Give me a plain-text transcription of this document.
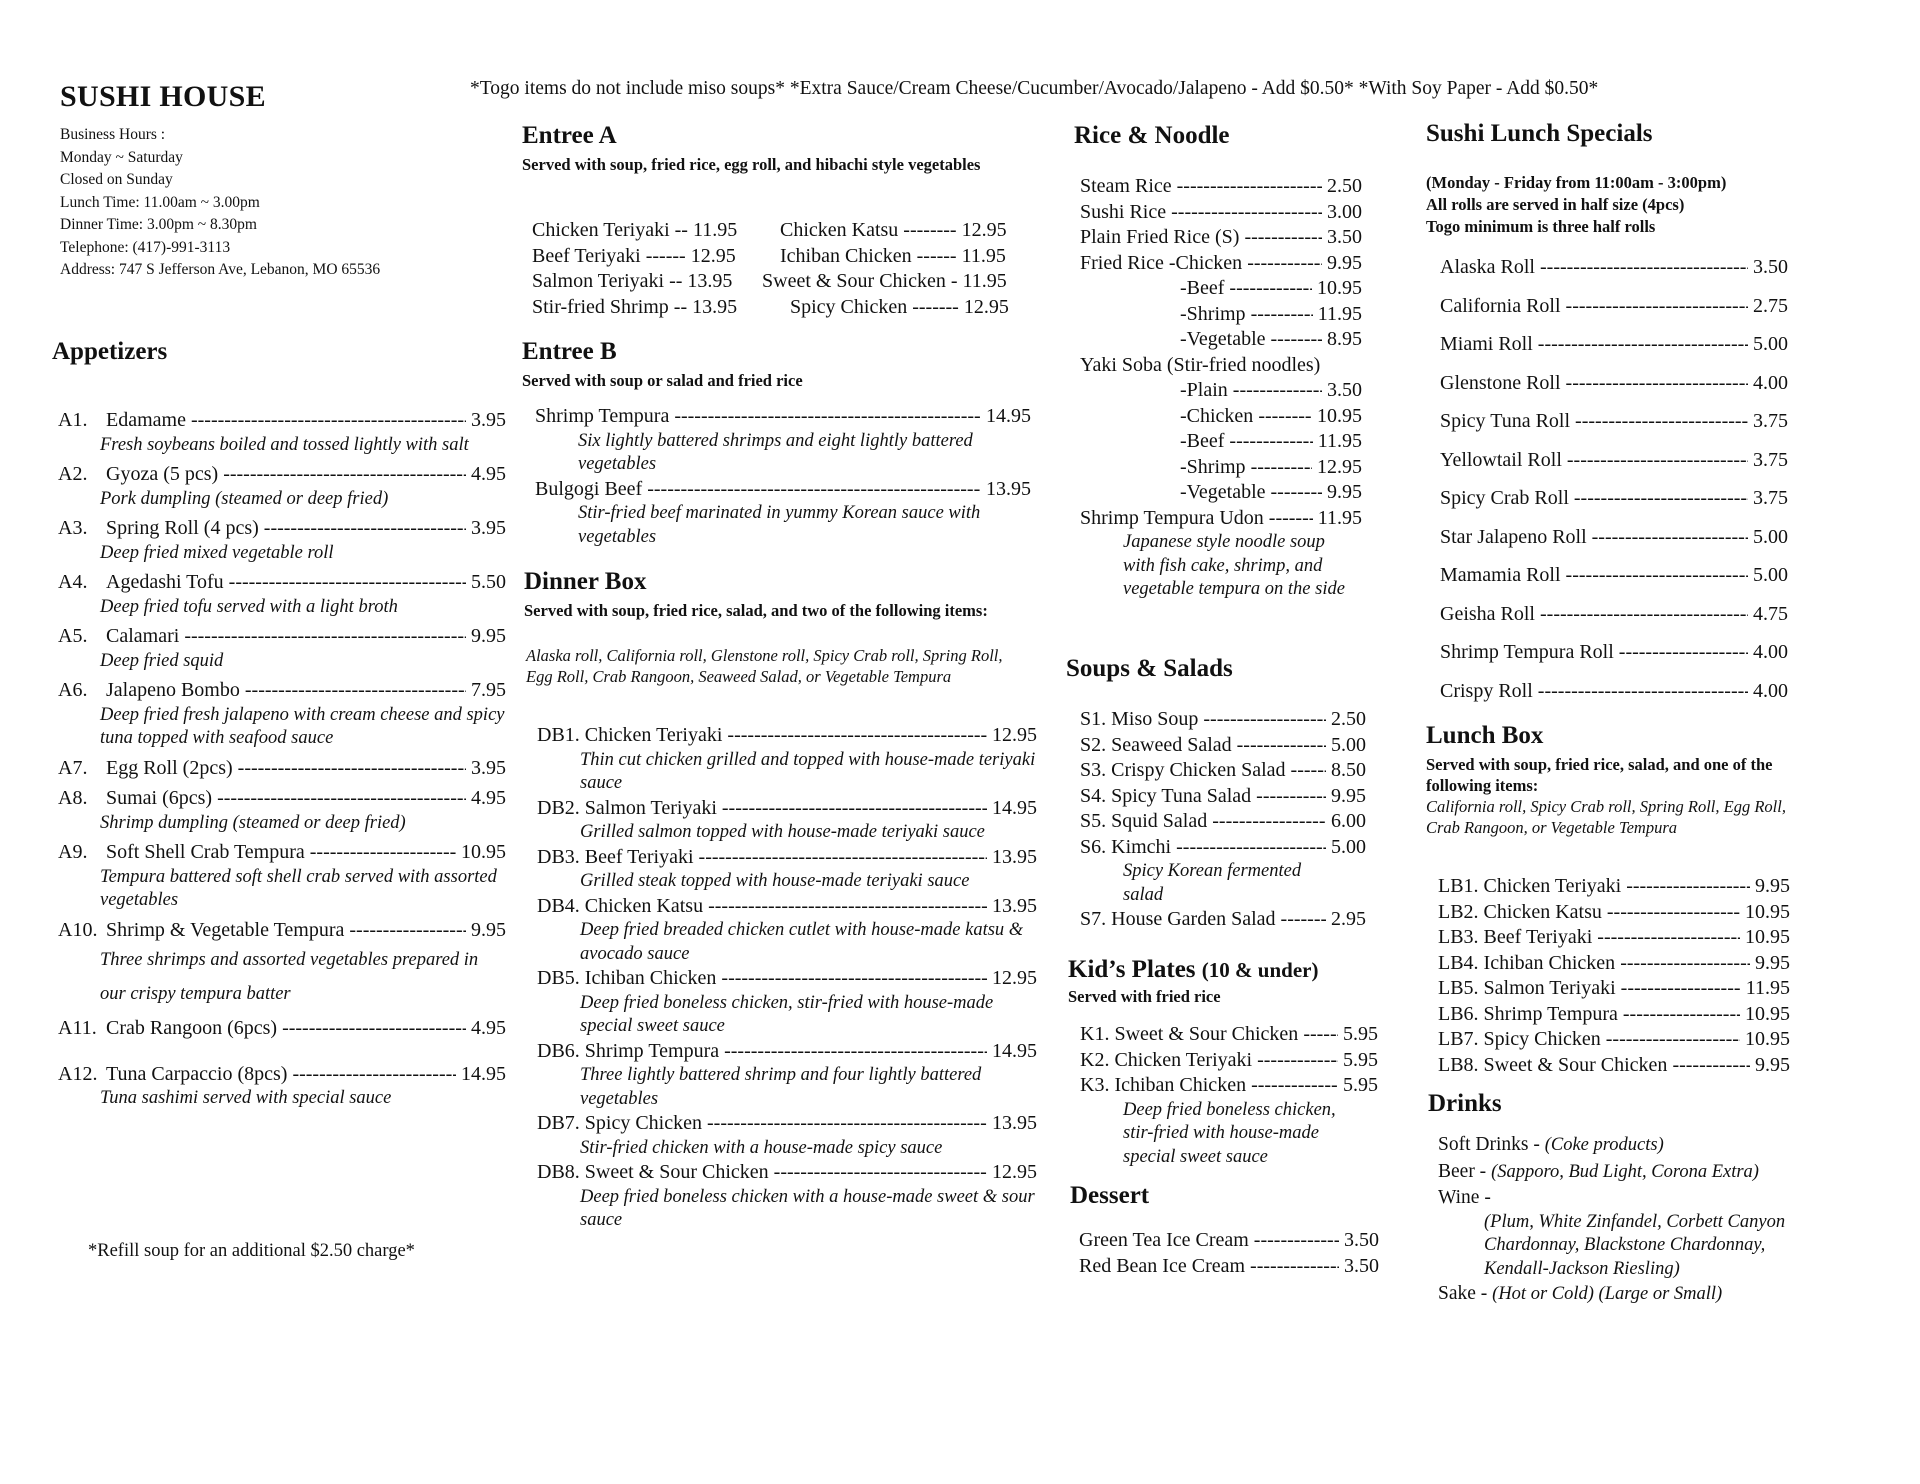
SUSHI HOUSE	*Togo items do not include miso soups* *Extra Sauce/Cream Cheese/Cucumber/Avocado/Jalapeno - Add $0.50* *With Soy Paper - Add $0.50*
Business Hours :
Monday ~ Saturday
Closed on Sunday
Lunch Time: 11.00am ~ 3.00pm
Dinner Time: 3.00pm ~ 8.30pm
Telephone: (417)-991-3113
Address: 747 S Jefferson Ave, Lebanon, MO 65536
Appetizers
A1. Edamame -----	3.95
Fresh soybeans boiled and tossed lightly with salt
A2. Gyoza (5 pcs) -----	4.95
Pork dumpling (steamed or deep fried)
A3. Spring Roll (4 pcs) -----	3.95
Deep fried mixed vegetable roll
A4. Agedashi Tofu -----	5.50
Deep fried tofu served with a light broth
A5. Calamari -----	9.95
Deep fried squid
A6. Jalapeno Bombo -----	7.95
Deep fried fresh jalapeno with cream cheese and spicy tuna topped with seafood sauce
A7. Egg Roll (2pcs) -----	3.95
A8. Sumai (6pcs) -----	4.95
Shrimp dumpling (steamed or deep fried)
A9. Soft Shell Crab Tempura -----	10.95
Tempura battered soft shell crab served with assorted vegetables
A10. Shrimp & Vegetable Tempura -----	9.95
Three shrimps and assorted vegetables prepared in our crispy tempura batter
A11. Crab Rangoon (6pcs) -----	4.95
A12. Tuna Carpaccio (8pcs) -----	14.95
Tuna sashimi served with special sauce
*Refill soup for an additional $2.50 charge*
Entree A
Served with soup, fried rice, egg roll, and hibachi style vegetables
Chicken Teriyaki -- 11.95 Chicken Katsu -------- 12.95
Beef Teriyaki ------ 12.95 Ichiban Chicken ------ 11.95
Salmon Teriyaki -- 13.95 Sweet & Sour Chicken - 11.95
Stir-fried Shrimp -- 13.95	Spicy Chicken ------- 12.95
Entree B
Served with soup or salad and fried rice
Shrimp Tempura -----	14.95
Six lightly battered shrimps and eight lightly battered vegetables
Bulgogi Beef -----	13.95
Stir-fried beef marinated in yummy Korean sauce with vegetables
Dinner Box
Served with soup, fried rice, salad, and two of the following items:
Alaska roll, California roll, Glenstone roll, Spicy Crab roll, Spring Roll, Egg Roll, Crab Rangoon, Seaweed Salad, or Vegetable Tempura
DB1. Chicken Teriyaki -----	12.95
Thin cut chicken grilled and topped with house-made teriyaki sauce
DB2. Salmon Teriyaki -----	14.95
Grilled salmon topped with house-made teriyaki sauce
DB3. Beef Teriyaki -----	13.95
Grilled steak topped with house-made teriyaki sauce
DB4. Chicken Katsu -----	13.95
Deep fried breaded chicken cutlet with house-made katsu & avocado sauce
DB5. Ichiban Chicken -----	12.95
Deep fried boneless chicken, stir-fried with house-made special sweet sauce
DB6. Shrimp Tempura -----	14.95
Three lightly battered shrimp and four lightly battered vegetables
DB7. Spicy Chicken -----	13.95
Stir-fried chicken with a house-made spicy sauce
DB8. Sweet & Sour Chicken -----	12.95
Deep fried boneless chicken with a house-made sweet & sour sauce
Rice & Noodle
Steam Rice -----	2.50
Sushi Rice -----	3.00
Plain Fried Rice (S) -----	3.50
Fried Rice -Chicken -----	9.95
-Beef -----	10.95
-Shrimp -----	11.95
-Vegetable -----	8.95
Yaki Soba (Stir-fried noodles)
-Plain -----	3.50
-Chicken -----	10.95
-Beef -----	11.95
-Shrimp -----	12.95
-Vegetable -----	9.95
Shrimp Tempura Udon -----	11.95
Japanese style noodle soup with fish cake, shrimp, and vegetable tempura on the side
Soups & Salads
S1. Miso Soup -----	2.50
S2. Seaweed Salad -----	5.00
S3. Crispy Chicken Salad ----- 8.50
S4. Spicy Tuna Salad -----	9.95
S5. Squid Salad -----	6.00
S6. Kimchi -----	5.00
Spicy Korean fermented salad
S7. House Garden Salad -----	2.95
Kid’s Plates (10 & under)
Served with fried rice
K1. Sweet & Sour Chicken ----- 5.95
K2. Chicken Teriyaki -----	5.95
K3. Ichiban Chicken -----	5.95
Deep fried boneless chicken, stir-fried with house-made special sweet sauce
Dessert
Green Tea Ice Cream -----	3.50
Red Bean Ice Cream -----	3.50
Sushi Lunch Specials
(Monday - Friday from 11:00am - 3:00pm)
All rolls are served in half size (4pcs)
Togo minimum is three half rolls
Alaska Roll -----	3.50
California Roll -----	2.75
Miami Roll -----	5.00
Glenstone Roll -----	4.00
Spicy Tuna Roll -----	3.75
Yellowtail Roll -----	3.75
Spicy Crab Roll -----	3.75
Star Jalapeno Roll -----	5.00
Mamamia Roll -----	5.00
Geisha Roll -----	4.75
Shrimp Tempura Roll -----	4.00
Crispy Roll -----	4.00
Lunch Box
Served with soup, fried rice, salad, and one of the following items:
California roll, Spicy Crab roll, Spring Roll, Egg Roll, Crab Rangoon, or Vegetable Tempura
LB1. Chicken Teriyaki -----	9.95
LB2. Chicken Katsu -----	10.95
LB3. Beef Teriyaki -----	10.95
LB4. Ichiban Chicken -----	9.95
LB5. Salmon Teriyaki -----	11.95
LB6. Shrimp Tempura -----	10.95
LB7. Spicy Chicken -----	10.95
LB8. Sweet & Sour Chicken -----	9.95
Drinks
Soft Drinks - (Coke products)
Beer - (Sapporo, Bud Light, Corona Extra)
Wine -
(Plum, White Zinfandel, Corbett Canyon Chardonnay, Blackstone Chardonnay, Kendall-Jackson Riesling)
Sake - (Hot or Cold) (Large or Small)
